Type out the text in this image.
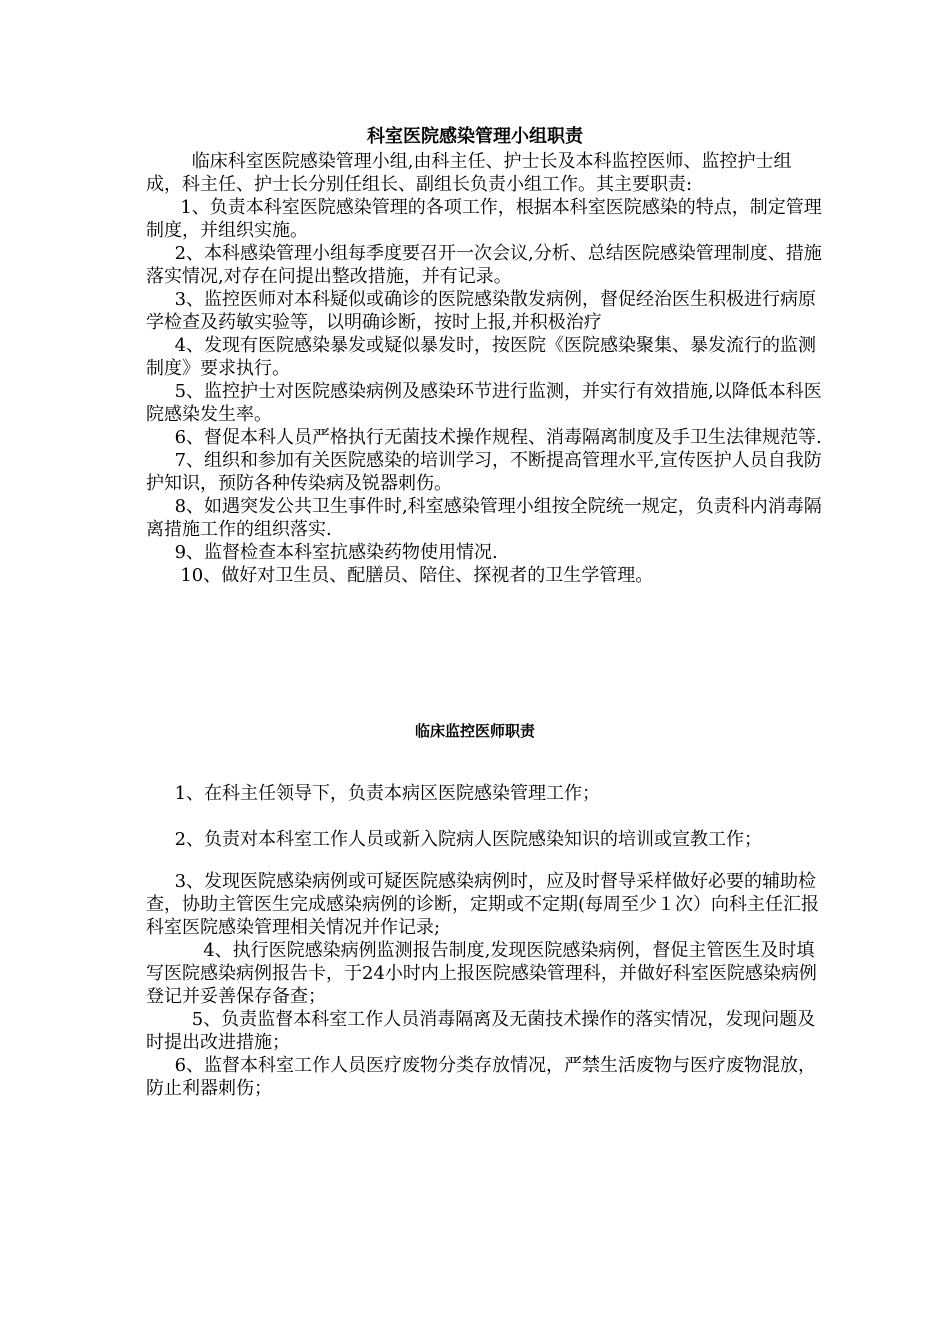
科室医院感染管理小组职责

临床科室医院感染管理小组,由科主任、护士长及本科监控医师、监控护士组成，科主任、护士长分别任组长、副组长负责小组工作。其主要职责:

1、负责本科室医院感染管理的各项工作，根据本科室医院感染的特点，制定管理制度，并组织实施。

2、本科感染管理小组每季度要召开一次会议,分析、总结医院感染管理制度、措施落实情况,对存在问提出整改措施，并有记录。

3、监控医师对本科疑似或确诊的医院感染散发病例，督促经治医生积极进行病原学检查及药敏实验等，以明确诊断，按时上报,并积极治疗

4、发现有医院感染暴发或疑似暴发时，按医院《医院感染聚集、暴发流行的监测制度》要求执行。

5、监控护士对医院感染病例及感染环节进行监测，并实行有效措施,以降低本科医院感染发生率。

6、督促本科人员严格执行无菌技术操作规程、消毒隔离制度及手卫生法律规范等.

7、组织和参加有关医院感染的培训学习，不断提高管理水平,宣传医护人员自我防护知识，预防各种传染病及锐器刺伤。

8、如遇突发公共卫生事件时,科室感染管理小组按全院统一规定，负责科内消毒隔离措施工作的组织落实.

9、监督检查本科室抗感染药物使用情况.

10、做好对卫生员、配膳员、陪住、探视者的卫生学管理。

临床监控医师职责

1、在科主任领导下，负责本病区医院感染管理工作；

2、负责对本科室工作人员或新入院病人医院感染知识的培训或宣教工作；

3、发现医院感染病例或可疑医院感染病例时，应及时督导采样做好必要的辅助检查，协助主管医生完成感染病例的诊断，定期或不定期(每周至少１次）向科主任汇报科室医院感染管理相关情况并作记录;

4、执行医院感染病例监测报告制度,发现医院感染病例，督促主管医生及时填写医院感染病例报告卡，于24小时内上报医院感染管理科，并做好科室医院感染病例登记并妥善保存备查；

5、负责监督本科室工作人员消毒隔离及无菌技术操作的落实情况，发现问题及时提出改进措施；

6、监督本科室工作人员医疗废物分类存放情况，严禁生活废物与医疗废物混放，防止利器刺伤；
